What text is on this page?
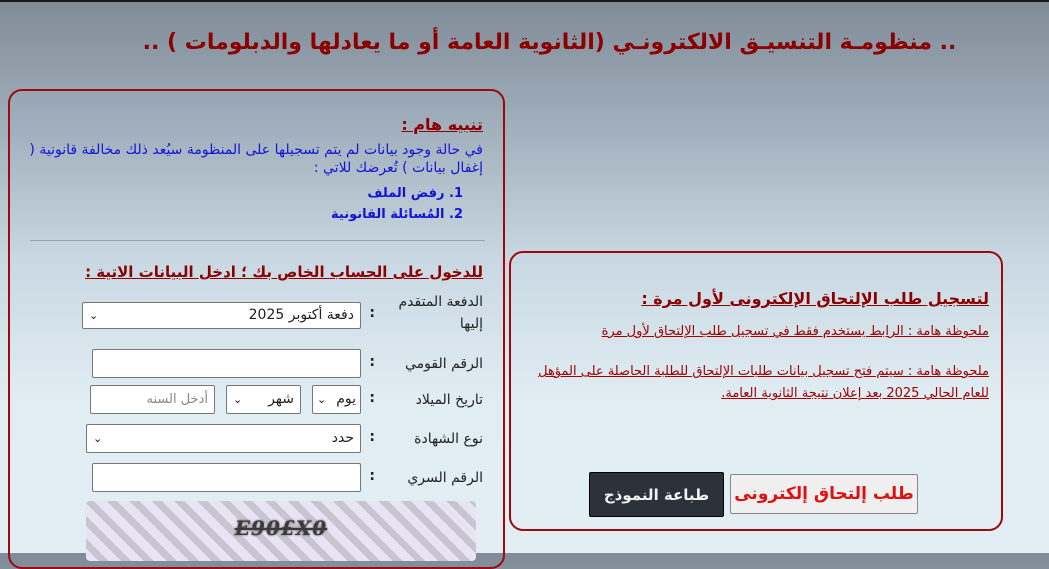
.. منظومـة التنسيـق الالكترونـي (الثانوية العامة أو ما يعادلها والدبلومات ) ..
تنبيه هام :
في حالة وجود بيانات لم يتم تسجيلها على المنظومة سيُعد ذلك مخالفة قانونية ( إغفال بيانات ) تُعرضك للاتي :
1. رفض الملف
2. المُسائلة القانونية
للدخول على الحساب الخاص بك ؛ ادخل البيانات الاتية :
الدفعة المتقدم إليها
:
دفعة أكتوبر 2025
⌄
الرقم القومي
:
تاريخ الميلاد
:
يوم
⌄
شهر
⌄
أدخل السنه
نوع الشهادة
:
حدد
⌄
الرقم السري
:
E90£X0
لتسجيل طلب الإلتحاق الإلكترونى لأول مرة :
ملحوظة هامة : الرابط يستخدم فقط في تسجيل طلب الإلتحاق لأول مرة
ملحوظة هامة : سيتم فتح تسجيل بيانات طلبات الإلتحاق للطلبة الحاصلة على المؤهل للعام الحالي 2025 بعد إعلان نتيجة الثانوية العامة.
طلب إلتحاق إلكترونى
طباعة النموذج
